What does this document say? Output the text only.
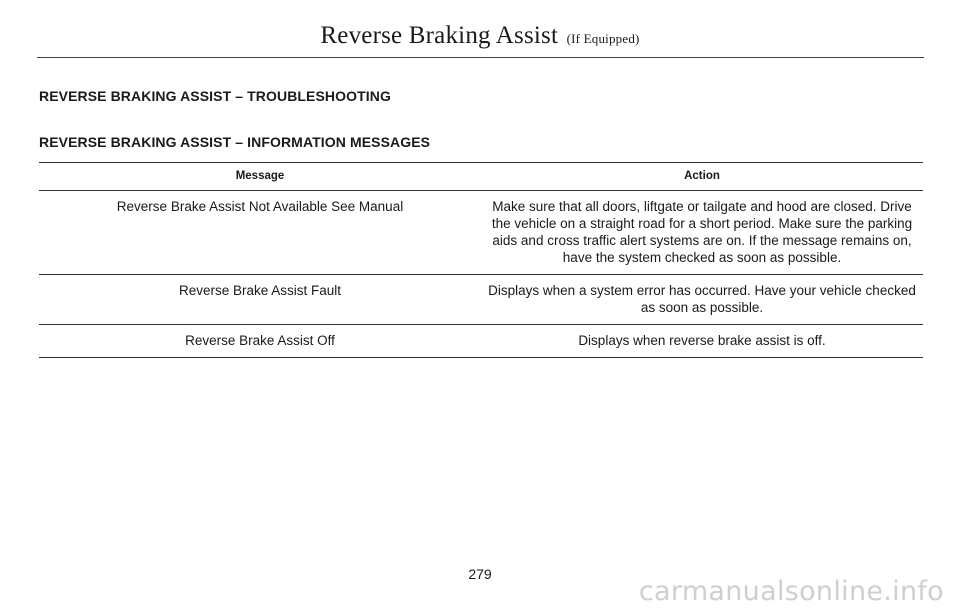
Reverse Braking Assist (If Equipped)
REVERSE BRAKING ASSIST – TROUBLESHOOTING
REVERSE BRAKING ASSIST – INFORMATION MESSAGES
Message	Action
Reverse Brake Assist Not Available See Manual	Make sure that all doors, liftgate or tailgate and hood are closed. Drive the vehicle on a straight road for a short period. Make sure the parking aids and cross traffic alert systems are on. If the message remains on, have the system checked as soon as possible.
Reverse Brake Assist Fault	Displays when a system error has occurred. Have your vehicle checked as soon as possible.
Reverse Brake Assist Off	Displays when reverse brake assist is off.
279
carmanualsonline.info
